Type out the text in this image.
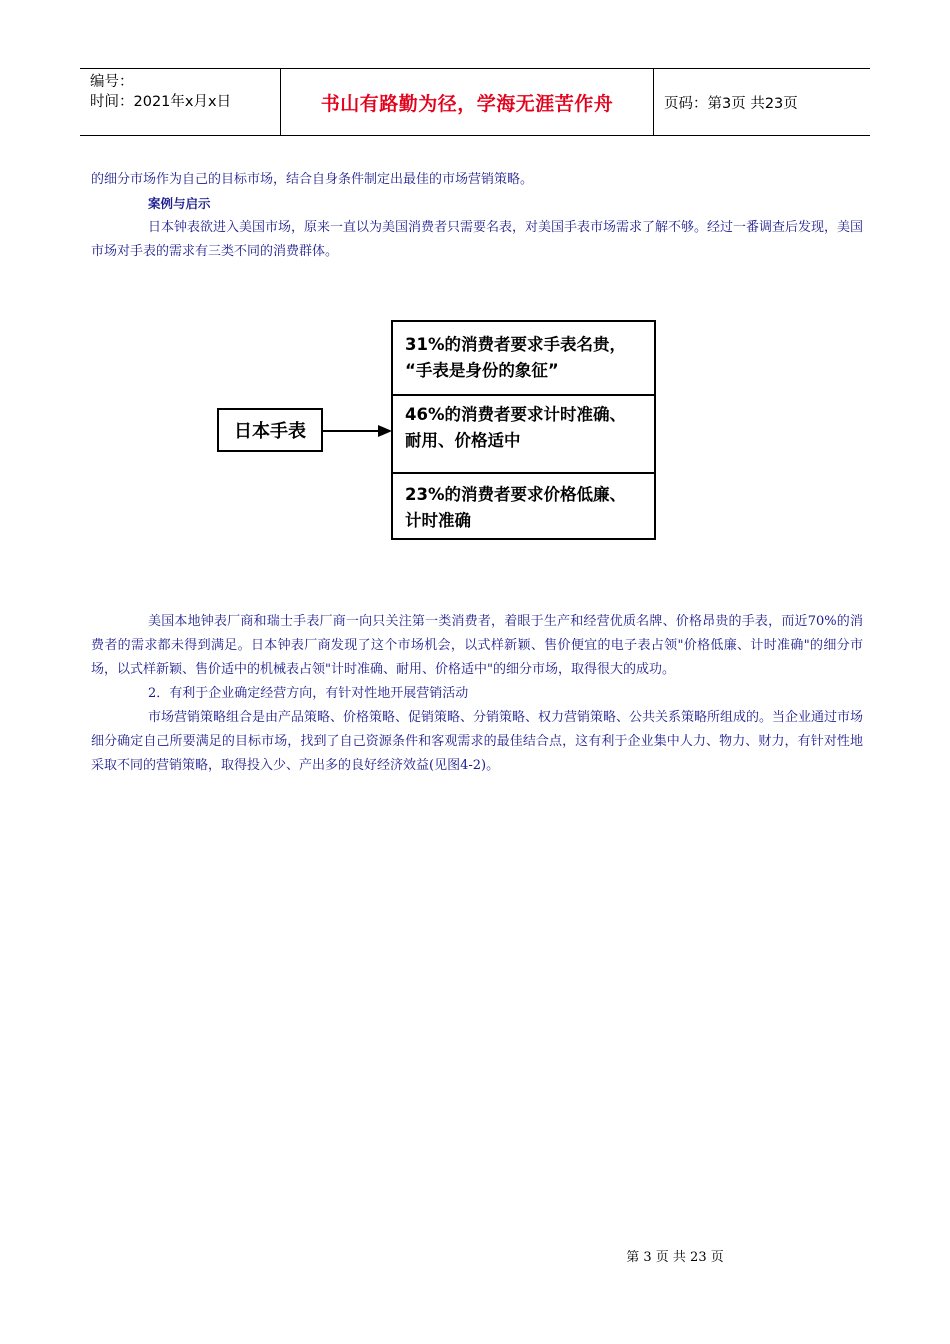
编号：
时间：2021年x月x日	书山有路勤为径，学海无涯苦作舟	页码：第3页 共23页

的细分市场作为自己的目标市场，结合自身条件制定出最佳的市场营销策略。

案例与启示

日本钟表欲进入美国市场，原来一直以为美国消费者只需要名表，对美国手表市场需求了解不够。经过一番调查后发现，美国市场对手表的需求有三类不同的消费群体。

日本手表
31%的消费者要求手表名贵，
“手表是身份的象征”
46%的消费者要求计时准确、
耐用、价格适中
23%的消费者要求价格低廉、
计时准确

美国本地钟表厂商和瑞士手表厂商一向只关注第一类消费者，着眼于生产和经营优质名牌、价格昂贵的手表，而近70%的消费者的需求都未得到满足。日本钟表厂商发现了这个市场机会，以式样新颖、售价便宜的电子表占领"价格低廉、计时准确"的细分市场，以式样新颖、售价适中的机械表占领"计时准确、耐用、价格适中"的细分市场，取得很大的成功。

2．有利于企业确定经营方向，有针对性地开展营销活动

市场营销策略组合是由产品策略、价格策略、促销策略、分销策略、权力营销策略、公共关系策略所组成的。当企业通过市场细分确定自己所要满足的目标市场，找到了自己资源条件和客观需求的最佳结合点，这有利于企业集中人力、物力、财力，有针对性地采取不同的营销策略，取得投入少、产出多的良好经济效益(见图4-2)。

第 3 页 共 23 页
